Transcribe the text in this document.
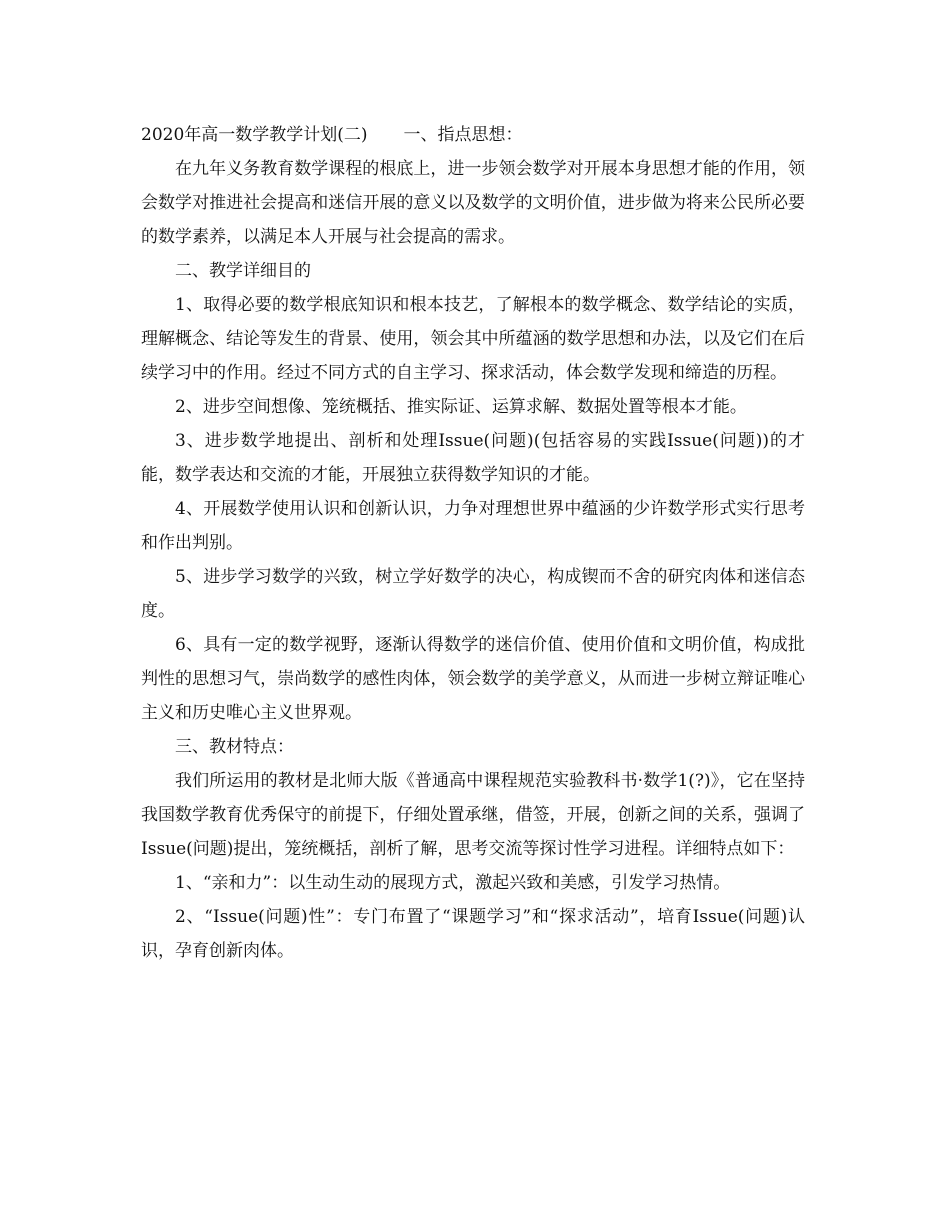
2020年高一数学教学计划(二) 一、指点思想：

在九年义务教育数学课程的根底上，进一步领会数学对开展本身思想才能的作用，领会数学对推进社会提高和迷信开展的意义以及数学的文明价值，进步做为将来公民所必要的数学素养，以满足本人开展与社会提高的需求。

二、教学详细目的

1、取得必要的数学根底知识和根本技艺，了解根本的数学概念、数学结论的实质，理解概念、结论等发生的背景、使用，领会其中所蕴涵的数学思想和办法，以及它们在后续学习中的作用。经过不同方式的自主学习、探求活动，体会数学发现和缔造的历程。

2、进步空间想像、笼统概括、推实际证、运算求解、数据处置等根本才能。

3、进步数学地提出、剖析和处理Issue(问题)(包括容易的实践Issue(问题))的才能，数学表达和交流的才能，开展独立获得数学知识的才能。

4、开展数学使用认识和创新认识，力争对理想世界中蕴涵的少许数学形式实行思考和作出判别。

5、进步学习数学的兴致，树立学好数学的决心，构成锲而不舍的研究肉体和迷信态度。

6、具有一定的数学视野，逐渐认得数学的迷信价值、使用价值和文明价值，构成批判性的思想习气，崇尚数学的感性肉体，领会数学的美学意义，从而进一步树立辩证唯心主义和历史唯心主义世界观。

三、教材特点：

我们所运用的教材是北师大版《普通高中课程规范实验教科书·数学1(?)》，它在坚持我国数学教育优秀保守的前提下，仔细处置承继，借签，开展，创新之间的关系，强调了Issue(问题)提出，笼统概括，剖析了解，思考交流等探讨性学习进程。详细特点如下：

1、“亲和力”：以生动生动的展现方式，激起兴致和美感，引发学习热情。

2、“Issue(问题)性”：专门布置了“课题学习”和“探求活动”，培育Issue(问题)认识，孕育创新肉体。
